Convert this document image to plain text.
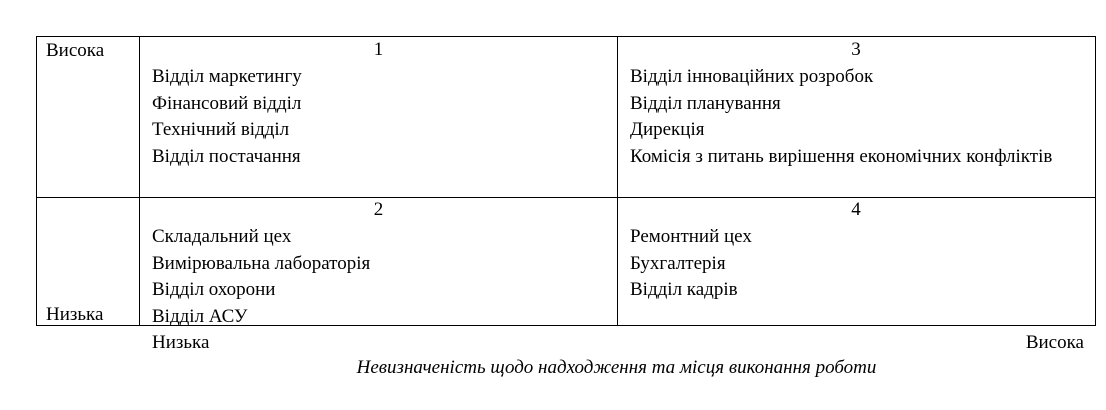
Висока
Низька
1
Відділ маркетингу
Фінансовий відділ
Технічний відділ
Відділ постачання
3
Відділ інноваційних розробок
Відділ планування
Дирекція
Комісія з питань вирішення економічних конфліктів
2
Складальний цех
Вимірювальна лабораторія
Відділ охорони
Відділ АСУ
4
Ремонтний цех
Бухгалтерія
Відділ кадрів
Низька	Висока
Невизначеність щодо надходження та місця виконання роботи
